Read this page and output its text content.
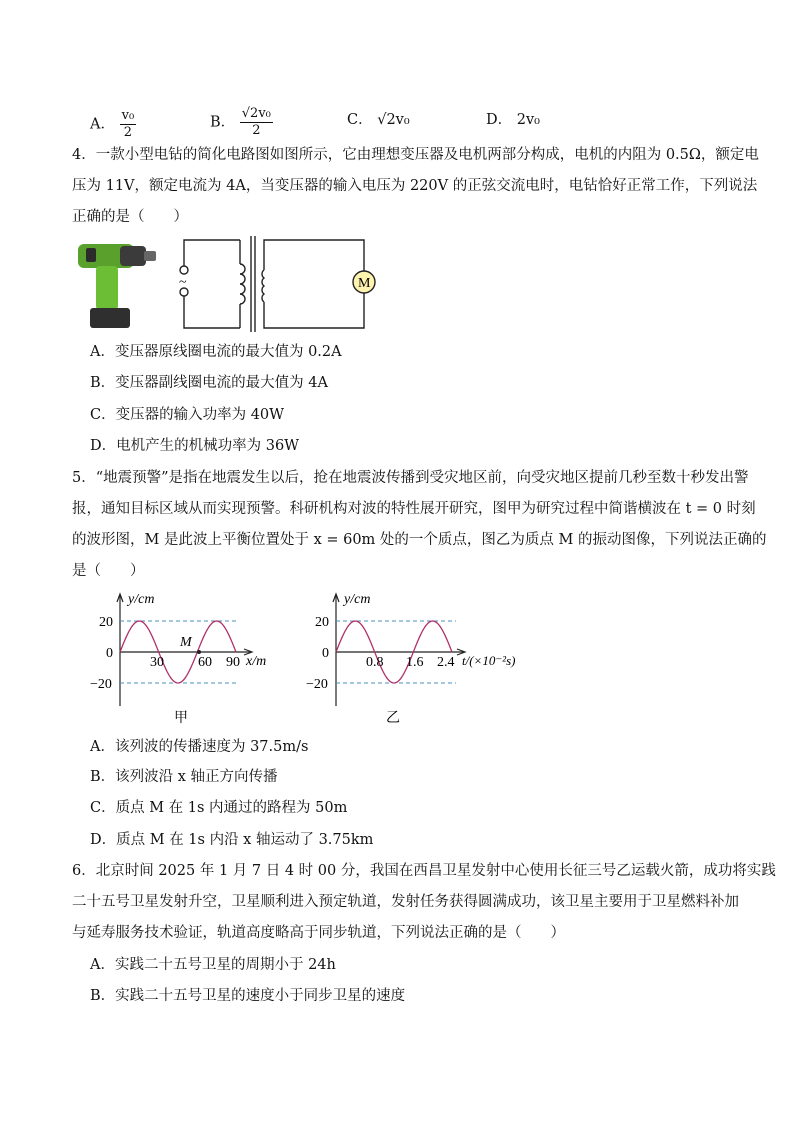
A． $\frac{\text{v₀}}{2}$	B． $\frac{\text{√2v₀}}{2}$	C． √2v₀	D． 2v₀
4．一款小型电钻的简化电路图如图所示，它由理想变压器及电机两部分构成，电机的内阻为 0.5Ω，额定电
压为 11V，额定电流为 4A，当变压器的输入电压为 220V 的正弦交流电时，电钻恰好正常工作，下列说法
正确的是（　　）
~	M
A．变压器原线圈电流的最大值为 0.2A
B．变压器副线圈电流的最大值为 4A
C．变压器的输入功率为 40W
D．电机产生的机械功率为 36W
5．“地震预警”是指在地震发生以后，抢在地震波传播到受灾地区前，向受灾地区提前几秒至数十秒发出警
报，通知目标区域从而实现预警。科研机构对波的特性展开研究，图甲为研究过程中简谐横波在 t = 0 时刻
的波形图，M 是此波上平衡位置处于 x = 60m 处的一个质点，图乙为质点 M 的振动图像，下列说法正确的
是（　　）
y/cm
20
0
−20
30 60 90 x/m
M
甲
y/cm
20
0
−20
0.8 1.6 2.4 t/(×10⁻²s)
乙
A．该列波的传播速度为 37.5m/s
B．该列波沿 x 轴正方向传播
C．质点 M 在 1s 内通过的路程为 50m
D．质点 M 在 1s 内沿 x 轴运动了 3.75km
6．北京时间 2025 年 1 月 7 日 4 时 00 分，我国在西昌卫星发射中心使用长征三号乙运载火箭，成功将实践
二十五号卫星发射升空，卫星顺利进入预定轨道，发射任务获得圆满成功，该卫星主要用于卫星燃料补加
与延寿服务技术验证，轨道高度略高于同步轨道，下列说法正确的是（　　）
A．实践二十五号卫星的周期小于 24h
B．实践二十五号卫星的速度小于同步卫星的速度
